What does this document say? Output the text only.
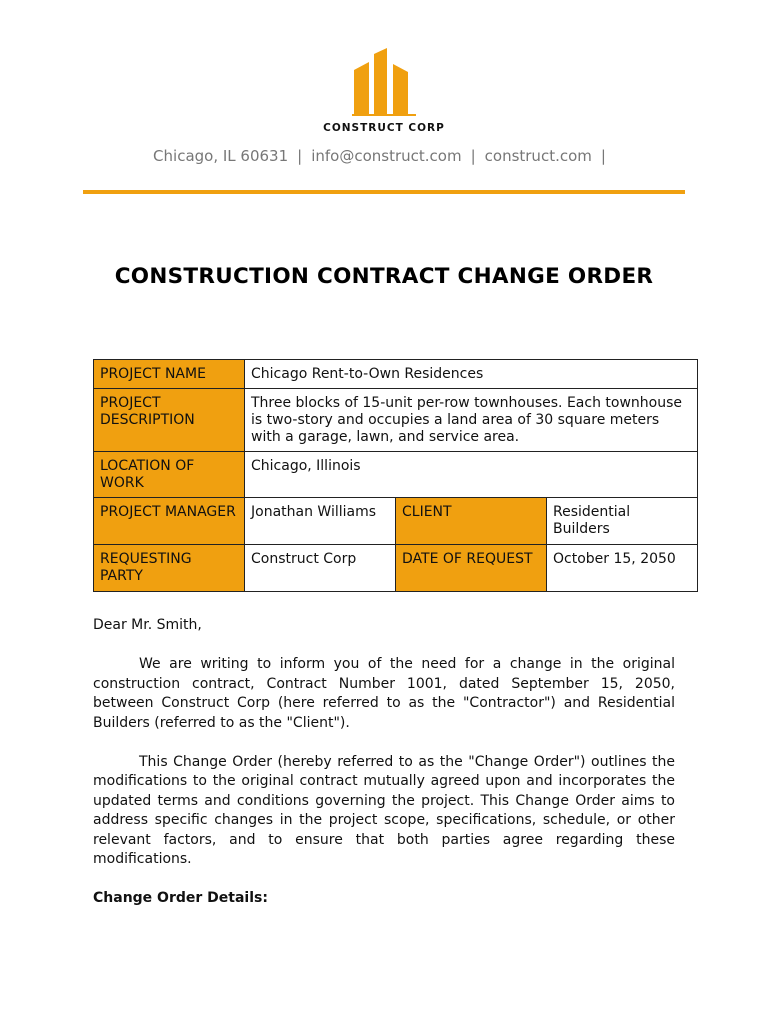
CONSTRUCT CORP
Chicago, IL 60631 | info@construct.com | construct.com |
CONSTRUCTION CONTRACT CHANGE ORDER
PROJECT NAME	Chicago Rent-to-Own Residences		
PROJECT DESCRIPTION	Three blocks of 15-unit per-row townhouses. Each townhouse is two-story and occupies a land area of 30 square meters with a garage, lawn, and service area.		
LOCATION OF WORK	Chicago, Illinois		
PROJECT MANAGER	Jonathan Williams	CLIENT	Residential Builders
REQUESTING PARTY	Construct Corp	DATE OF REQUEST	October 15, 2050

Dear Mr. Smith,

We are writing to inform you of the need for a change in the original construction contract, Contract Number 1001, dated September 15, 2050, between Construct Corp (here referred to as the "Contractor") and Residential Builders (referred to as the "Client").

This Change Order (hereby referred to as the "Change Order") outlines the modifications to the original contract mutually agreed upon and incorporates the updated terms and conditions governing the project. This Change Order aims to address specific changes in the project scope, specifications, schedule, or other relevant factors, and to ensure that both parties agree regarding these modifications.

Change Order Details:
